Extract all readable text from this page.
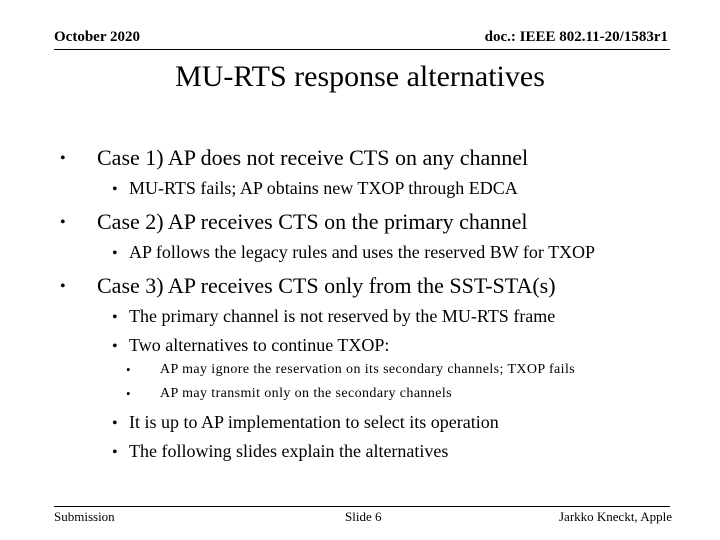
October 2020	doc.: IEEE 802.11-20/1583r1
MU-RTS response alternatives
• Case 1) AP does not receive CTS on any channel
• MU-RTS fails; AP obtains new TXOP through EDCA
• Case 2) AP receives CTS on the primary channel
• AP follows the legacy rules and uses the reserved BW for TXOP
• Case 3) AP receives CTS only from the SST-STA(s)
• The primary channel is not reserved by the MU-RTS frame
• Two alternatives to continue TXOP:
• AP may ignore the reservation on its secondary channels; TXOP fails
• AP may transmit only on the secondary channels
• It is up to AP implementation to select its operation
• The following slides explain the alternatives
Submission	Slide 6	Jarkko Kneckt, Apple
